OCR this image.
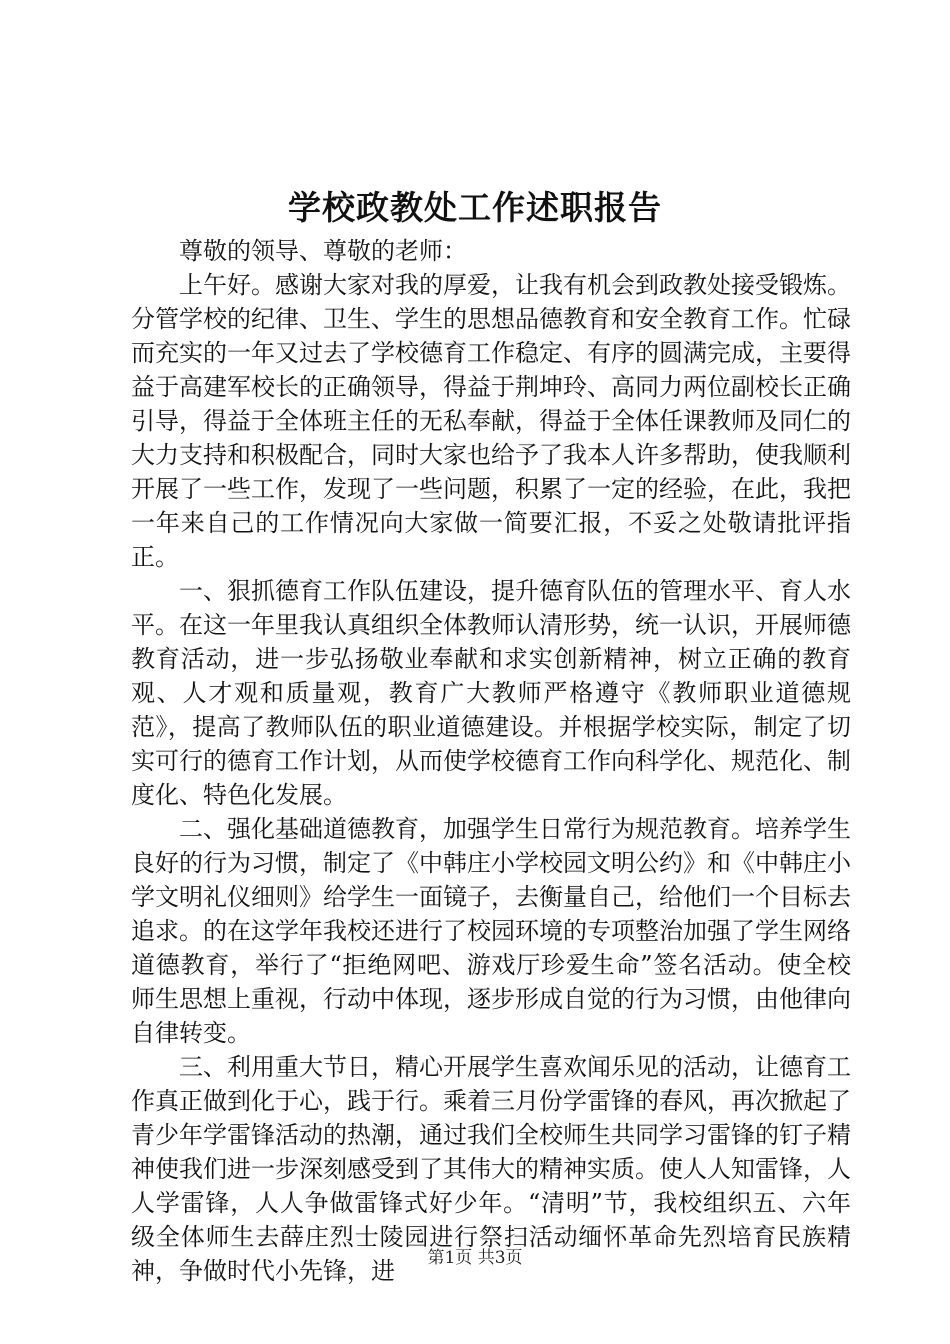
学校政教处工作述职报告

尊敬的领导、尊敬的老师：

上午好。感谢大家对我的厚爱，让我有机会到政教处接受锻炼。分管学校的纪律、卫生、学生的思想品德教育和安全教育工作。忙碌而充实的一年又过去了学校德育工作稳定、有序的圆满完成，主要得益于高建军校长的正确领导，得益于荆坤玲、高同力两位副校长正确引导，得益于全体班主任的无私奉献，得益于全体任课教师及同仁的大力支持和积极配合，同时大家也给予了我本人许多帮助，使我顺利开展了一些工作，发现了一些问题，积累了一定的经验，在此，我把一年来自己的工作情况向大家做一简要汇报，不妥之处敬请批评指正。

一、狠抓德育工作队伍建设，提升德育队伍的管理水平、育人水平。在这一年里我认真组织全体教师认清形势，统一认识，开展师德教育活动，进一步弘扬敬业奉献和求实创新精神，树立正确的教育观、人才观和质量观，教育广大教师严格遵守《教师职业道德规范》，提高了教师队伍的职业道德建设。并根据学校实际，制定了切实可行的德育工作计划，从而使学校德育工作向科学化、规范化、制度化、特色化发展。

二、强化基础道德教育，加强学生日常行为规范教育。培养学生良好的行为习惯，制定了《中韩庄小学校园文明公约》和《中韩庄小学文明礼仪细则》给学生一面镜子，去衡量自己，给他们一个目标去追求。的在这学年我校还进行了校园环境的专项整治加强了学生网络道德教育，举行了“拒绝网吧、游戏厅珍爱生命”签名活动。使全校师生思想上重视，行动中体现，逐步形成自觉的行为习惯，由他律向自律转变。

三、利用重大节日，精心开展学生喜欢闻乐见的活动，让德育工作真正做到化于心，践于行。乘着三月份学雷锋的春风，再次掀起了青少年学雷锋活动的热潮，通过我们全校师生共同学习雷锋的钉子精神使我们进一步深刻感受到了其伟大的精神实质。使人人知雷锋，人人学雷锋，人人争做雷锋式好少年。“清明”节，我校组织五、六年级全体师生去薛庄烈士陵园进行祭扫活动缅怀革命先烈培育民族精神，争做时代小先锋，进	第1页 共3页
